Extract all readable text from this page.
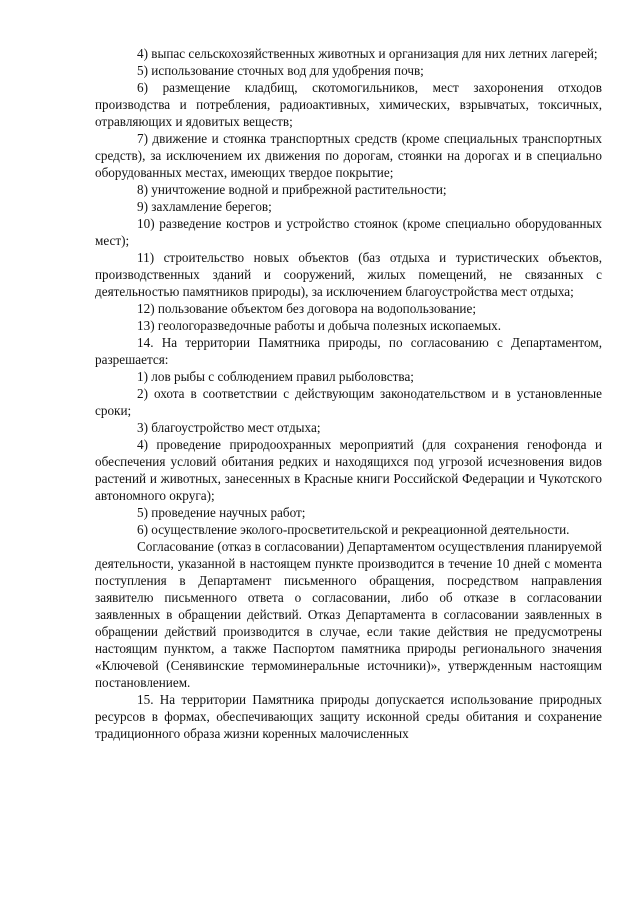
4) выпас сельскохозяйственных животных и организация для них летних лагерей;

5) использование сточных вод для удобрения почв;

6) размещение кладбищ, скотомогильников, мест захоронения отходов производства и потребления, радиоактивных, химических, взрывчатых, токсичных, отравляющих и ядовитых веществ;

7) движение и стоянка транспортных средств (кроме специальных транспортных средств), за исключением их движения по дорогам, стоянки на дорогах и в специально оборудованных местах, имеющих твердое покрытие;

8) уничтожение водной и прибрежной растительности;

9) захламление берегов;

10) разведение костров и устройство стоянок (кроме специально оборудованных мест);

11) строительство новых объектов (баз отдыха и туристических объектов, производственных зданий и сооружений, жилых помещений, не связанных с деятельностью памятников природы), за исключением благоустройства мест отдыха;

12) пользование объектом без договора на водопользование;

13) геологоразведочные работы и добыча полезных ископаемых.

14. На территории Памятника природы, по согласованию с Департаментом, разрешается:

1) лов рыбы с соблюдением правил рыболовства;

2) охота в соответствии с действующим законодательством и в установленные сроки;

3) благоустройство мест отдыха;

4) проведение природоохранных мероприятий (для сохранения генофонда и обеспечения условий обитания редких и находящихся под угрозой исчезновения видов растений и животных, занесенных в Красные книги Российской Федерации и Чукотского автономного округа);

5) проведение научных работ;

6) осуществление эколого-просветительской и рекреационной деятельности.

Согласование (отказ в согласовании) Департаментом осуществления планируемой деятельности, указанной в настоящем пункте производится в течение 10 дней с момента поступления в Департамент письменного обращения, посредством направления заявителю письменного ответа о согласовании, либо об отказе в согласовании заявленных в обращении действий. Отказ Департамента в согласовании заявленных в обращении действий производится в случае, если такие действия не предусмотрены настоящим пунктом, а также Паспортом памятника природы регионального значения «Ключевой (Сенявинские термоминеральные источники)», утвержденным настоящим постановлением.

15. На территории Памятника природы допускается использование природных ресурсов в формах, обеспечивающих защиту исконной среды обитания и сохранение традиционного образа жизни коренных малочисленных
